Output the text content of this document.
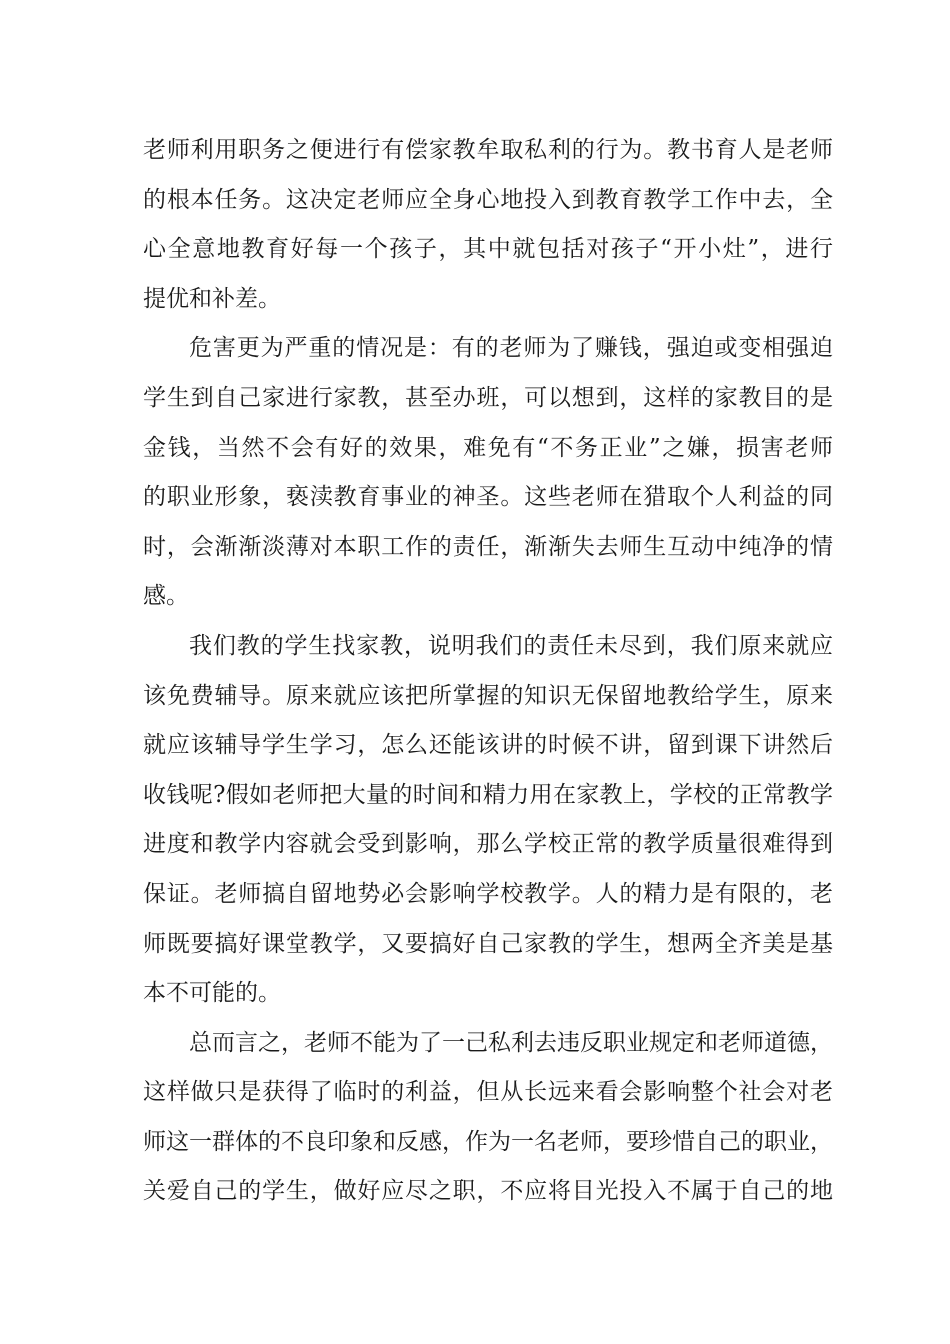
老师利用职务之便进行有偿家教牟取私利的行为。教书育人是老师
的根本任务。这决定老师应全身心地投入到教育教学工作中去，全
心全意地教育好每一个孩子，其中就包括对孩子“开小灶”，进行
提优和补差。
危害更为严重的情况是：有的老师为了赚钱，强迫或变相强迫
学生到自己家进行家教，甚至办班，可以想到，这样的家教目的是
金钱，当然不会有好的效果，难免有“不务正业”之嫌，损害老师
的职业形象，亵渎教育事业的神圣。这些老师在猎取个人利益的同
时，会渐渐淡薄对本职工作的责任，渐渐失去师生互动中纯净的情
感。
我们教的学生找家教，说明我们的责任未尽到，我们原来就应
该免费辅导。原来就应该把所掌握的知识无保留地教给学生，原来
就应该辅导学生学习，怎么还能该讲的时候不讲，留到课下讲然后
收钱呢?假如老师把大量的时间和精力用在家教上，学校的正常教学
进度和教学内容就会受到影响，那么学校正常的教学质量很难得到
保证。老师搞自留地势必会影响学校教学。人的精力是有限的，老
师既要搞好课堂教学，又要搞好自己家教的学生，想两全齐美是基
本不可能的。
总而言之，老师不能为了一己私利去违反职业规定和老师道德，
这样做只是获得了临时的利益，但从长远来看会影响整个社会对老
师这一群体的不良印象和反感，作为一名老师，要珍惜自己的职业，
关爱自己的学生，做好应尽之职，不应将目光投入不属于自己的地
